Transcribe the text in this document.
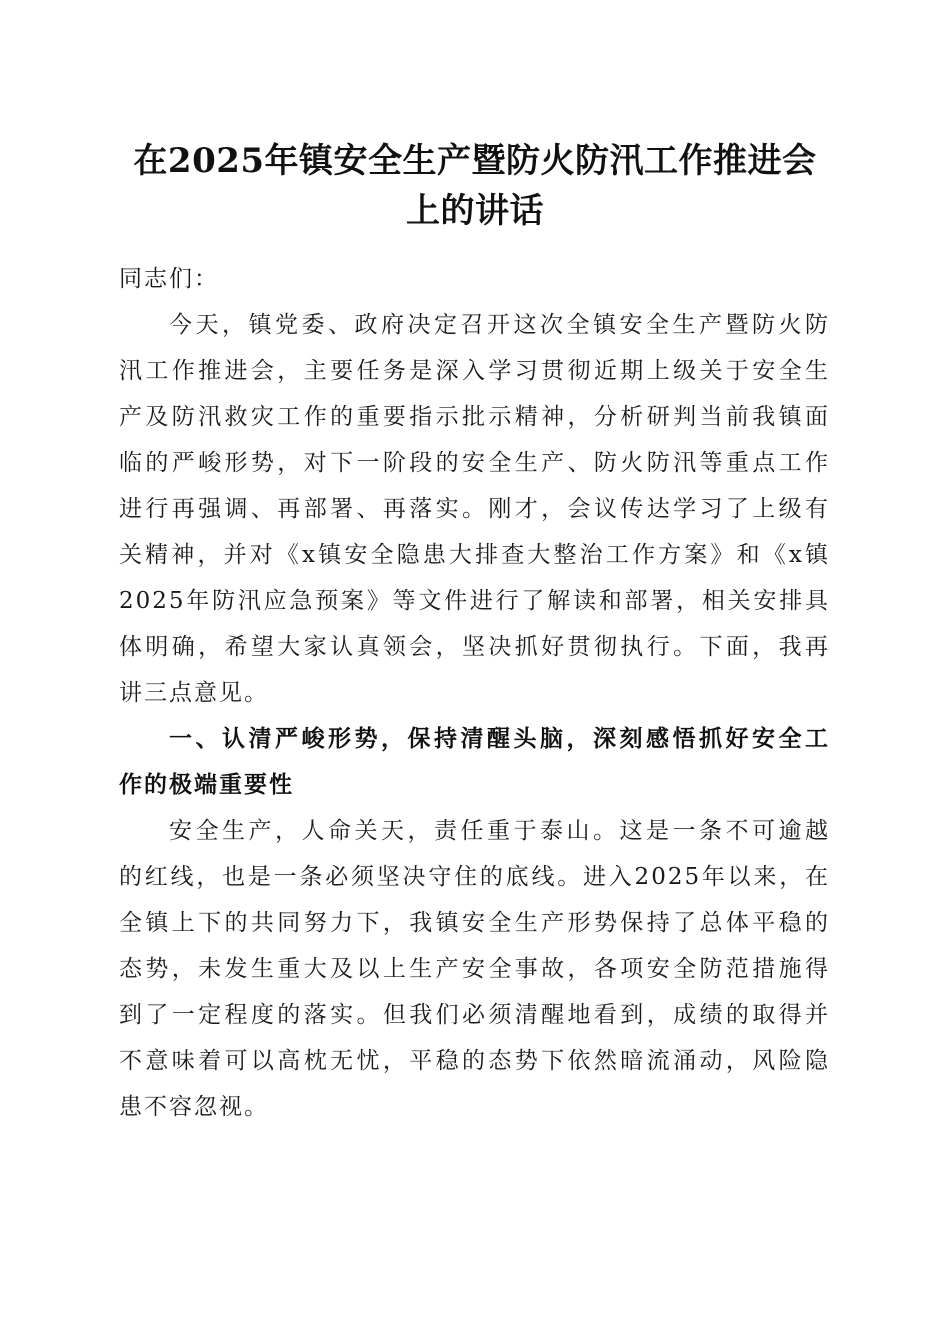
在2025年镇安全生产暨防火防汛工作推进会
上的讲话
同志们：
今天，镇党委、政府决定召开这次全镇安全生产暨防火防
汛工作推进会，主要任务是深入学习贯彻近期上级关于安全生
产及防汛救灾工作的重要指示批示精神，分析研判当前我镇面
临的严峻形势，对下一阶段的安全生产、防火防汛等重点工作
进行再强调、再部署、再落实。刚才，会议传达学习了上级有
关精神，并对《x镇安全隐患大排查大整治工作方案》和《x镇
2025年防汛应急预案》等文件进行了解读和部署，相关安排具
体明确，希望大家认真领会，坚决抓好贯彻执行。下面，我再
讲三点意见。
一、认清严峻形势，保持清醒头脑，深刻感悟抓好安全工
作的极端重要性
安全生产，人命关天，责任重于泰山。这是一条不可逾越
的红线，也是一条必须坚决守住的底线。进入2025年以来，在
全镇上下的共同努力下，我镇安全生产形势保持了总体平稳的
态势，未发生重大及以上生产安全事故，各项安全防范措施得
到了一定程度的落实。但我们必须清醒地看到，成绩的取得并
不意味着可以高枕无忧，平稳的态势下依然暗流涌动，风险隐
患不容忽视。
